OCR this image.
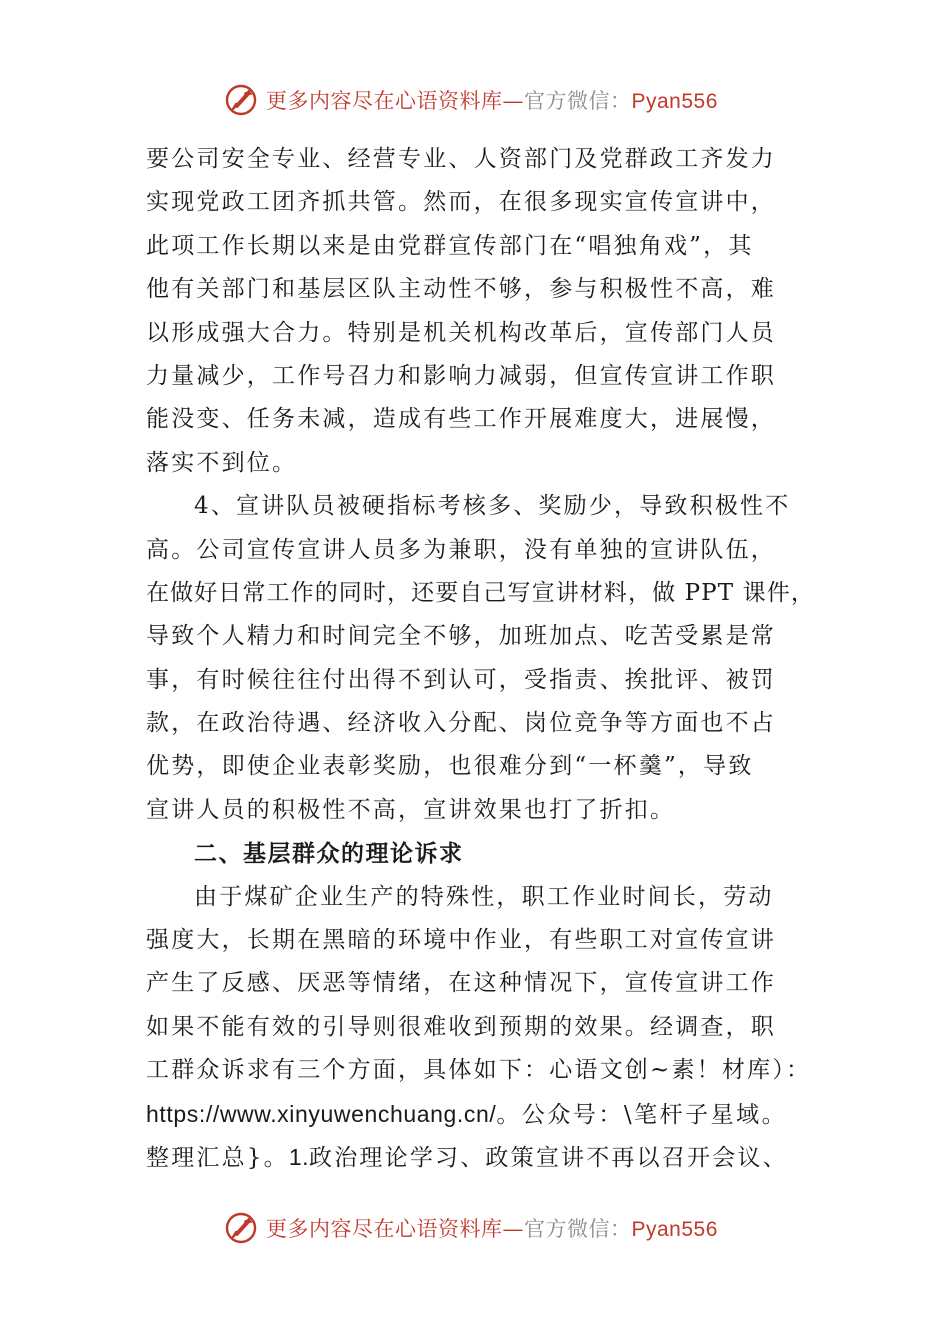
更多内容尽在心语资料库—官方微信：Pyan556
要公司安全专业、经营专业、人资部门及党群政工齐发力
实现党政工团齐抓共管。然而，在很多现实宣传宣讲中，
此项工作长期以来是由党群宣传部门在“唱独角戏”，其
他有关部门和基层区队主动性不够，参与积极性不高，难
以形成强大合力。特别是机关机构改革后，宣传部门人员
力量减少，工作号召力和影响力减弱，但宣传宣讲工作职
能没变、任务未减，造成有些工作开展难度大，进展慢，
落实不到位。
4、宣讲队员被硬指标考核多、奖励少，导致积极性不
高。公司宣传宣讲人员多为兼职，没有单独的宣讲队伍，
在做好日常工作的同时，还要自己写宣讲材料，做 PPT 课件，
导致个人精力和时间完全不够，加班加点、吃苦受累是常
事，有时候往往付出得不到认可，受指责、挨批评、被罚
款，在政治待遇、经济收入分配、岗位竞争等方面也不占
优势，即使企业表彰奖励，也很难分到“一杯羹”，导致
宣讲人员的积极性不高，宣讲效果也打了折扣。
二、基层群众的理论诉求
由于煤矿企业生产的特殊性，职工作业时间长，劳动
强度大，长期在黑暗的环境中作业，有些职工对宣传宣讲
产生了反感、厌恶等情绪，在这种情况下，宣传宣讲工作
如果不能有效的引导则很难收到预期的效果。经调查，职
工群众诉求有三个方面，具体如下：心语文创~素！材库）：
https://www.xinyuwenchuang.cn/。公众号：\笔杆子星域。
整理汇总}。1.政治理论学习、政策宣讲不再以召开会议、
更多内容尽在心语资料库—官方微信：Pyan556
